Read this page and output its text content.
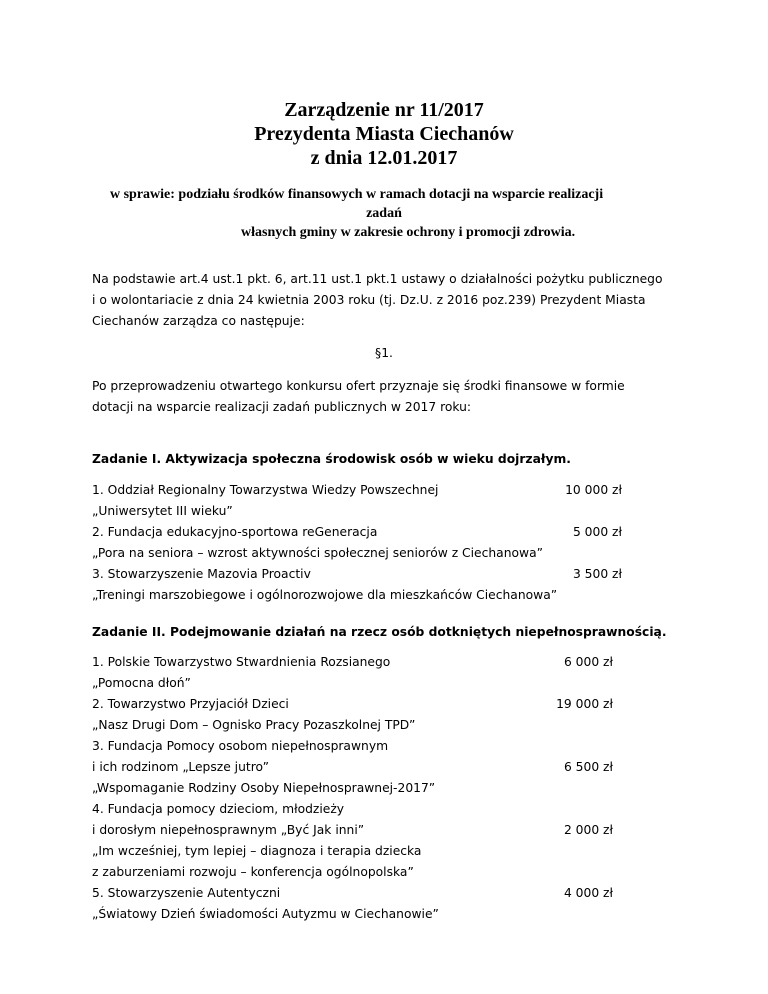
Zarządzenie nr 11/2017
Prezydenta Miasta Ciechanów
z dnia 12.01.2017
w sprawie: podziału środków finansowych w ramach dotacji na wsparcie realizacji
zadań
własnych gminy w zakresie ochrony i promocji zdrowia.
Na podstawie art.4 ust.1 pkt. 6, art.11 ust.1 pkt.1 ustawy o działalności pożytku publicznego
i o wolontariacie z dnia 24 kwietnia 2003 roku (tj. Dz.U. z 2016 poz.239) Prezydent Miasta
Ciechanów zarządza co następuje:
§1.
Po przeprowadzeniu otwartego konkursu ofert przyznaje się środki finansowe w formie
dotacji na wsparcie realizacji zadań publicznych w 2017 roku:
Zadanie I. Aktywizacja społeczna środowisk osób w wieku dojrzałym.
1. Oddział Regionalny Towarzystwa Wiedzy Powszechnej	10 000 zł
„Uniwersytet III wieku”
2. Fundacja edukacyjno-sportowa reGeneracja	5 000 zł
„Pora na seniora – wzrost aktywności społecznej seniorów z Ciechanowa”
3. Stowarzyszenie Mazovia Proactiv	3 500 zł
„Treningi marszobiegowe i ogólnorozwojowe dla mieszkańców Ciechanowa”
Zadanie II. Podejmowanie działań na rzecz osób dotkniętych niepełnosprawnością.
1. Polskie Towarzystwo Stwardnienia Rozsianego	6 000 zł
„Pomocna dłoń”
2. Towarzystwo Przyjaciół Dzieci	19 000 zł
„Nasz Drugi Dom – Ognisko Pracy Pozaszkolnej TPD”
3. Fundacja Pomocy osobom niepełnosprawnym
i ich rodzinom „Lepsze jutro”	6 500 zł
„Wspomaganie Rodziny Osoby Niepełnosprawnej-2017”
4. Fundacja pomocy dzieciom, młodzieży
i dorosłym niepełnosprawnym „Być Jak inni”	2 000 zł
„Im wcześniej, tym lepiej – diagnoza i terapia dziecka
z zaburzeniami rozwoju – konferencja ogólnopolska”
5. Stowarzyszenie Autentyczni	4 000 zł
„Światowy Dzień świadomości Autyzmu w Ciechanowie”
